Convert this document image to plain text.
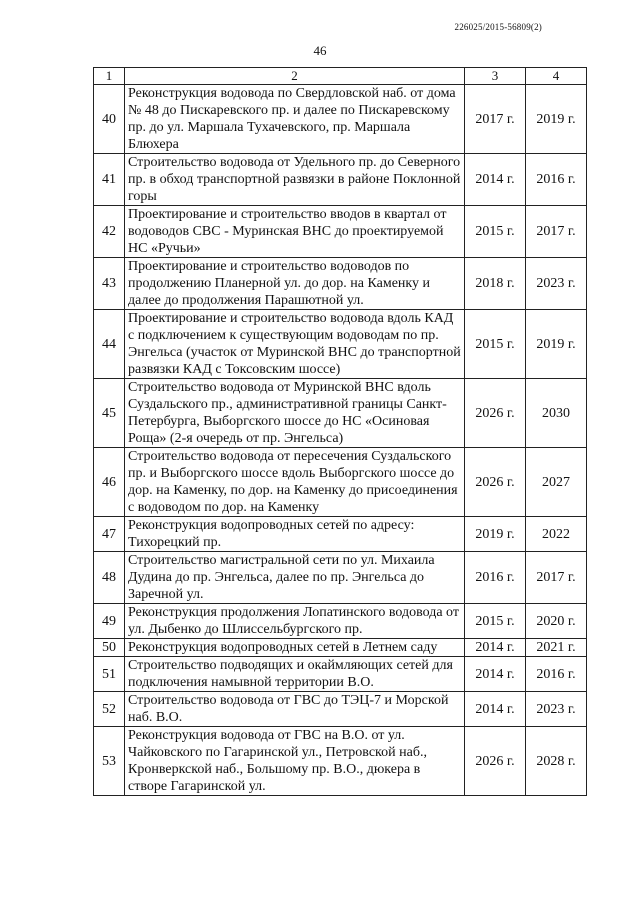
226025/2015-56809(2)
46
1	2	3	4
40	Реконструкция водовода по Свердловской наб. от дома № 48 до Пискаревского пр. и далее по Пискаревскому пр. до ул. Маршала Тухачевского, пр. Маршала Блюхера	2017 г.	2019 г.
41	Строительство водовода от Удельного пр. до Северного пр. в обход транспортной развязки в районе Поклонной горы	2014 г.	2016 г.
42	Проектирование и строительство вводов в квартал от водоводов СВС - Муринская ВНС до проектируемой НС «Ручьи»	2015 г.	2017 г.
43	Проектирование и строительство водоводов по продолжению Планерной ул. до дор. на Каменку и далее до продолжения Парашютной ул.	2018 г.	2023 г.
44	Проектирование и строительство водовода вдоль КАД с подключением к существующим водоводам по пр. Энгельса (участок от Муринской ВНС до транспортной развязки КАД с Токсовским шоссе)	2015 г.	2019 г.
45	Строительство водовода от Муринской ВНС вдоль Суздальского пр., административной границы Санкт-Петербурга, Выборгского шоссе до НС «Осиновая Роща» (2-я очередь от пр. Энгельса)	2026 г.	2030
46	Строительство водовода от пересечения Суздальского пр. и Выборгского шоссе вдоль Выборгского шоссе до дор. на Каменку, по дор. на Каменку до присоединения с водоводом по дор. на Каменку	2026 г.	2027
47	Реконструкция водопроводных сетей по адресу: Тихорецкий пр.	2019 г.	2022
48	Строительство магистральной сети по ул. Михаила Дудина до пр. Энгельса, далее по пр. Энгельса до Заречной ул.	2016 г.	2017 г.
49	Реконструкция продолжения Лопатинского водовода от ул. Дыбенко до Шлиссельбургского пр.	2015 г.	2020 г.
50	Реконструкция водопроводных сетей в Летнем саду	2014 г.	2021 г.
51	Строительство подводящих и окаймляющих сетей для подключения намывной территории В.О.	2014 г.	2016 г.
52	Строительство водовода от ГВС до ТЭЦ-7 и Морской наб. В.О.	2014 г.	2023 г.
53	Реконструкция водовода от ГВС на В.О. от ул. Чайковского по Гагаринской ул., Петровской наб., Кронверкской наб., Большому пр. В.О., дюкера в створе Гагаринской ул.	2026 г.	2028 г.
